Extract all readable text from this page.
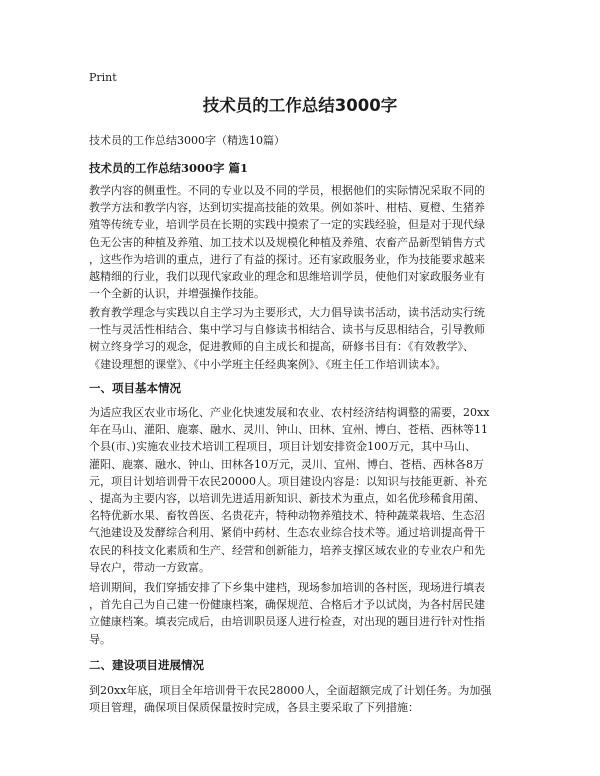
Print
技术员的工作总结3000字
技术员的工作总结3000字（精选10篇）
技术员的工作总结3000字 篇1
教学内容的侧重性。不同的专业以及不同的学员，根据他们的实际情况采取不同的
教学方法和教学内容，达到切实提高技能的效果。例如茶叶、柑桔、夏橙、生猪养
殖等传统专业，培训学员在长期的实践中摸索了一定的实践经验，但是对于现代绿
色无公害的种植及养殖、加工技术以及规模化种植及养殖、农畜产品新型销售方式
，这些作为培训的重点，进行了有益的探讨。还有家政服务业，作为技能要求越来
越精细的行业，我们以现代家政业的理念和思维培训学员，使他们对家政服务业有
一个全新的认识，并增强操作技能。
教育教学理念与实践以自主学习为主要形式，大力倡导读书活动，读书活动实行统
一性与灵活性相结合、集中学习与自修读书相结合、读书与反思相结合，引导教师
树立终身学习的观念，促进教师的自主成长和提高，研修书目有：《有效教学》、
《建设理想的课堂》、《中小学班主任经典案例》、《班主任工作培训读本》。
一、项目基本情况
为适应我区农业市场化、产业化快速发展和农业、农村经济结构调整的需要，20xx
年在马山、灌阳、鹿寨、融水、灵川、钟山、田林、宜州、博白、苍梧、西林等11
个县(市、)实施农业技术培训工程项目，项目计划安排资金100万元，其中马山、
灌阳、鹿寨、融水、钟山、田林各10万元，灵川、宜州、博白、苍梧、西林各8万
元，项目计划培训骨干农民20000人。项目建设内容是：以知识与技能更新、补充
、提高为主要内容，以培训先进适用新知识、新技术为重点，如名优珍稀食用菌、
名特优新水果、畜牧兽医、名贵花卉，特种动物养殖技术、特种蔬菜栽培、生态沼
气池建设及发酵综合利用、紧俏中药材、生态农业综合技术等。通过培训提高骨干
农民的科技文化素质和生产、经营和创新能力，培养支撑区域农业的专业农户和先
导农户，带动一方致富。
培训期间，我们穿插安排了下乡集中建档，现场参加培训的各村医，现场进行填表
，首先自己为自己建一份健康档案，确保规范、合格后才予以试岗，为各村居民建
立健康档案。填表完成后，由培训职员逐人进行检查，对出现的题目进行针对性指
导。
二、建设项目进展情况
到20xx年底，项目全年培训骨干农民28000人，全面超额完成了计划任务。为加强
项目管理，确保项目保质保量按时完成，各县主要采取了下列措施：
